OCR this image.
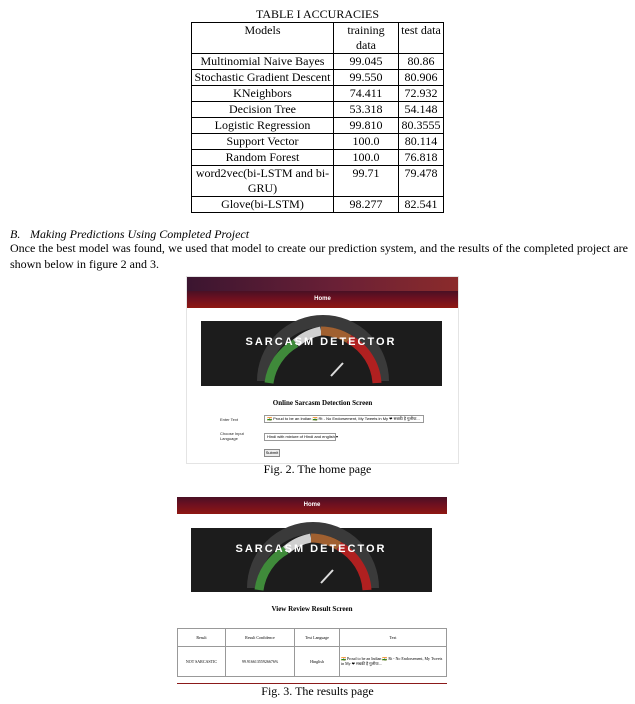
TABLE I ACCURACIES
Models	training data	test data
Multinomial Naive Bayes	99.045	80.86
Stochastic Gradient Descent	99.550	80.906
KNeighbors	74.411	72.932
Decision Tree	53.318	54.148
Logistic Regression	99.810	80.3555
Support Vector	100.0	80.114
Random Forest	100.0	76.818
word2vec(bi-LSTM and bi-GRU)	99.71	79.478
Glove(bi-LSTM)	98.277	82.541
B. Making Predictions Using Completed Project
Once the best model was found, we used that model to create our prediction system, and the results of the completed project are shown below in figure 2 and 3.
Home
SARCASM DETECTOR
Online Sarcasm Detection Screen
Enter Text	🇮🇳 Proud to be an Indian 🇮🇳 Rt - No Endorsement, My Tweets in My ❤ सबकी है गुलीया...
Choose Input Language	Hindi with mixture of Hindi and english ▾
Submit
Fig. 2. The home page
Home
SARCASM DETECTOR
View Review Result Screen
Result	Result Confidence	Text Language	Text
NOT SARCASTIC	99.91661355926676%	Hinglish	🇮🇳 Proud to be an Indian 🇮🇳 Rt - No Endorsement, My Tweets in My ❤ सबकी है गुलीया...
Fig. 3. The results page
